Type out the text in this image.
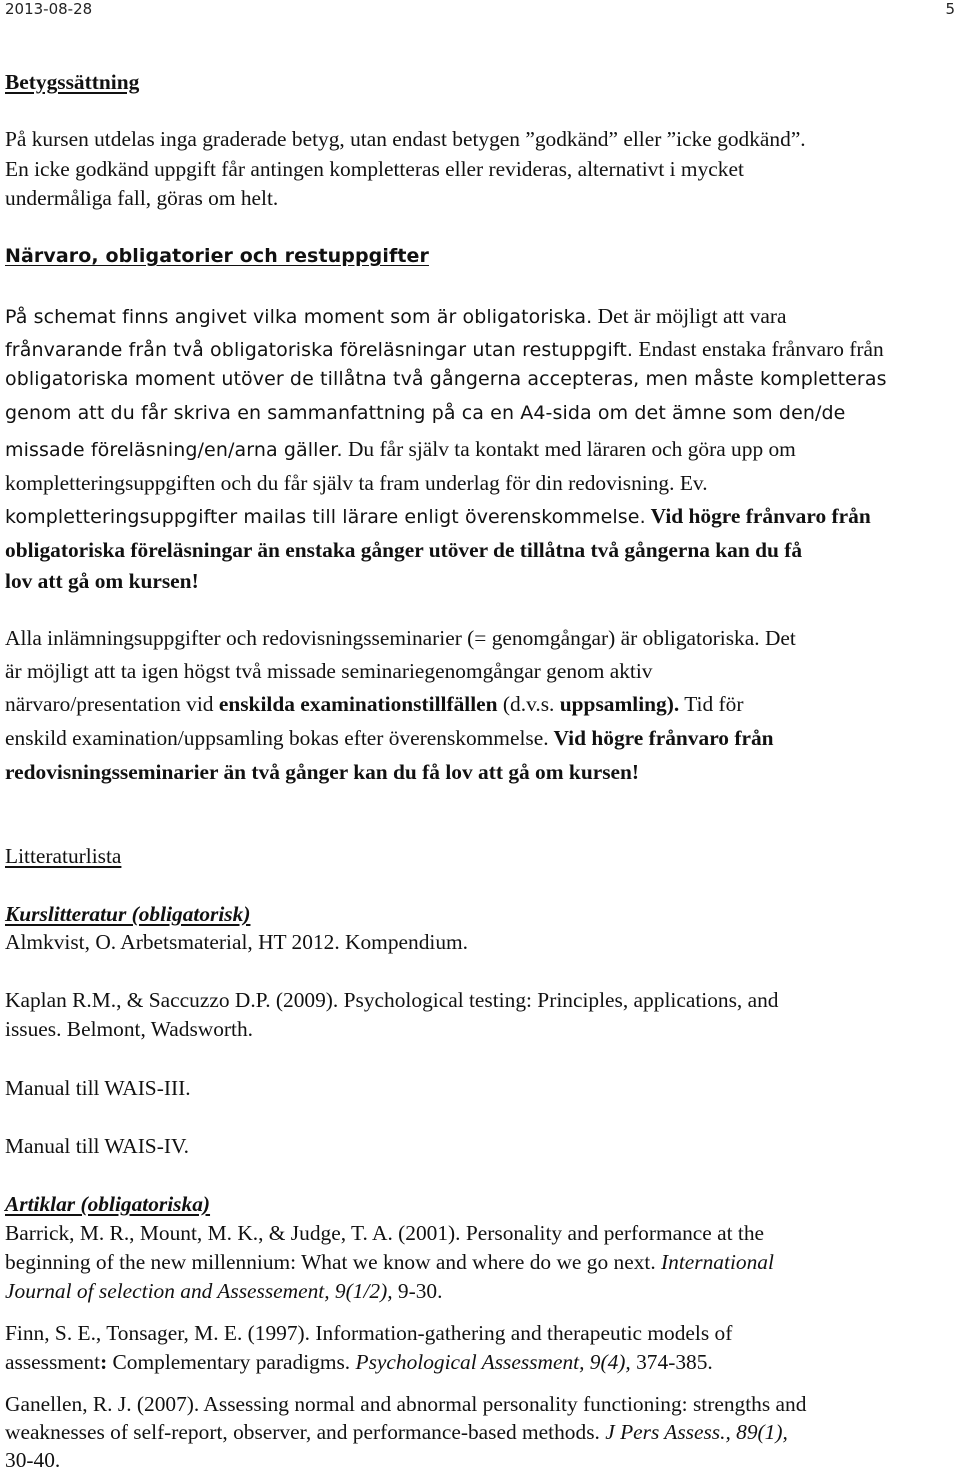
2013-08-28	5
Betygssättning
På kursen utdelas inga graderade betyg, utan endast betygen ”godkänd” eller ”icke godkänd”.
En icke godkänd uppgift får antingen kompletteras eller revideras, alternativt i mycket
undermåliga fall, göras om helt.
Närvaro, obligatorier och restuppgifter
På schemat finns angivet vilka moment som är obligatoriska. Det är möjligt att vara
frånvarande från två obligatoriska föreläsningar utan restuppgift. Endast enstaka frånvaro från
obligatoriska moment utöver de tillåtna två gångerna accepteras, men måste kompletteras
genom att du får skriva en sammanfattning på ca en A4-sida om det ämne som den/de
missade föreläsning/en/arna gäller. Du får själv ta kontakt med läraren och göra upp om
kompletteringsuppgiften och du får själv ta fram underlag för din redovisning. Ev.
kompletteringsuppgifter mailas till lärare enligt överenskommelse. Vid högre frånvaro från
obligatoriska föreläsningar än enstaka gånger utöver de tillåtna två gångerna kan du få
lov att gå om kursen!
Alla inlämningsuppgifter och redovisningsseminarier (= genomgångar) är obligatoriska. Det
är möjligt att ta igen högst två missade seminariegenomgångar genom aktiv
närvaro/presentation vid enskilda examinationstillfällen (d.v.s. uppsamling). Tid för
enskild examination/uppsamling bokas efter överenskommelse. Vid högre frånvaro från
redovisningsseminarier än två gånger kan du få lov att gå om kursen!
Litteraturlista
Kurslitteratur (obligatorisk)
Almkvist, O. Arbetsmaterial, HT 2012. Kompendium.
Kaplan R.M., & Saccuzzo D.P. (2009). Psychological testing: Principles, applications, and
issues. Belmont, Wadsworth.
Manual till WAIS-III.
Manual till WAIS-IV.
Artiklar (obligatoriska)
Barrick, M. R., Mount, M. K., & Judge, T. A. (2001). Personality and performance at the
beginning of the new millennium: What we know and where do we go next. International
Journal of selection and Assessement, 9(1/2), 9-30.
Finn, S. E., Tonsager, M. E. (1997). Information-gathering and therapeutic models of
assessment: Complementary paradigms. Psychological Assessment, 9(4), 374-385.
Ganellen, R. J. (2007). Assessing normal and abnormal personality functioning: strengths and
weaknesses of self-report, observer, and performance-based methods. J Pers Assess., 89(1),
30-40.
